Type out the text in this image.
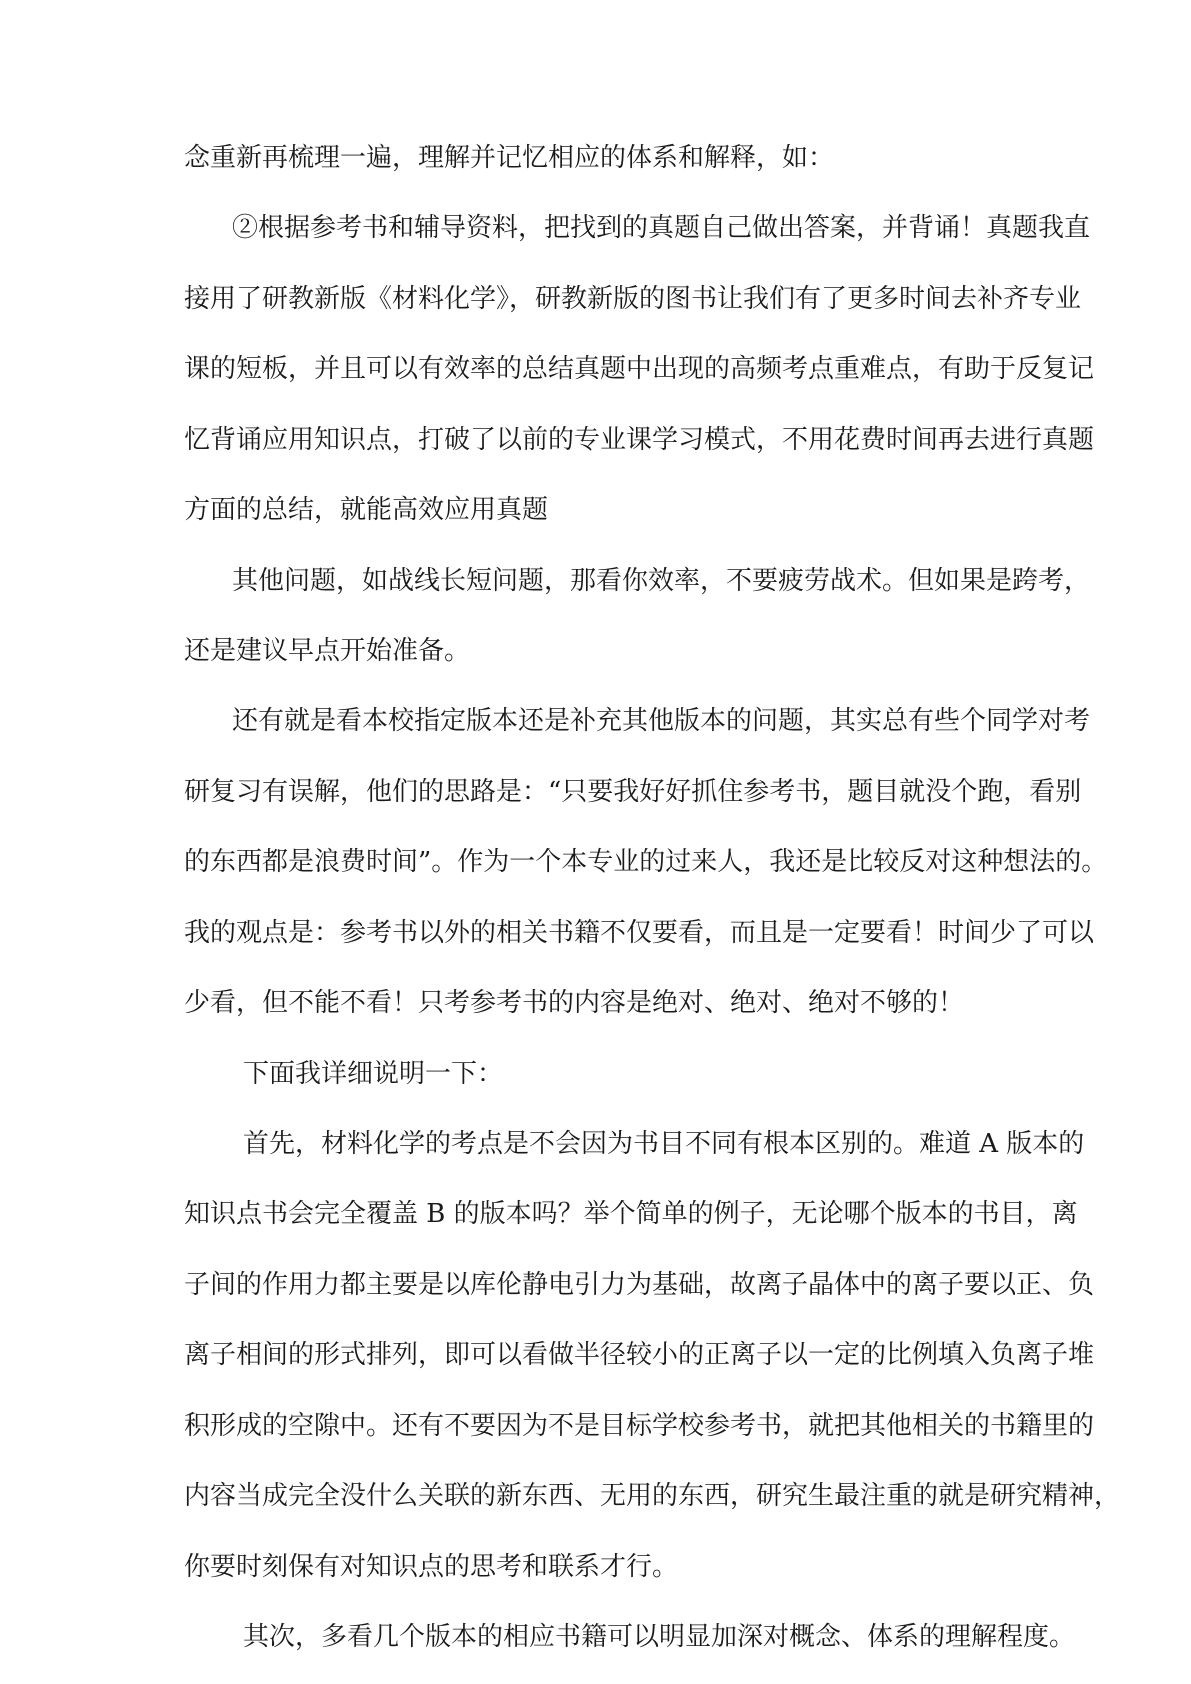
念重新再梳理一遍，理解并记忆相应的体系和解释，如：

②根据参考书和辅导资料，把找到的真题自己做出答案，并背诵！真题我直

接用了研教新版《材料化学》，研教新版的图书让我们有了更多时间去补齐专业

课的短板，并且可以有效率的总结真题中出现的高频考点重难点，有助于反复记

忆背诵应用知识点，打破了以前的专业课学习模式，不用花费时间再去进行真题

方面的总结，就能高效应用真题

其他问题，如战线长短问题，那看你效率，不要疲劳战术。但如果是跨考，

还是建议早点开始准备。

还有就是看本校指定版本还是补充其他版本的问题，其实总有些个同学对考

研复习有误解，他们的思路是：“只要我好好抓住参考书，题目就没个跑，看别

的东西都是浪费时间”。作为一个本专业的过来人，我还是比较反对这种想法的。

我的观点是：参考书以外的相关书籍不仅要看，而且是一定要看！时间少了可以

少看，但不能不看！只考参考书的内容是绝对、绝对、绝对不够的！

下面我详细说明一下：

首先，材料化学的考点是不会因为书目不同有根本区别的。难道 A 版本的

知识点书会完全覆盖 B 的版本吗？举个简单的例子，无论哪个版本的书目，离

子间的作用力都主要是以库伦静电引力为基础，故离子晶体中的离子要以正、负

离子相间的形式排列，即可以看做半径较小的正离子以一定的比例填入负离子堆

积形成的空隙中。还有不要因为不是目标学校参考书，就把其他相关的书籍里的

内容当成完全没什么关联的新东西、无用的东西，研究生最注重的就是研究精神，

你要时刻保有对知识点的思考和联系才行。

其次，多看几个版本的相应书籍可以明显加深对概念、体系的理解程度。
